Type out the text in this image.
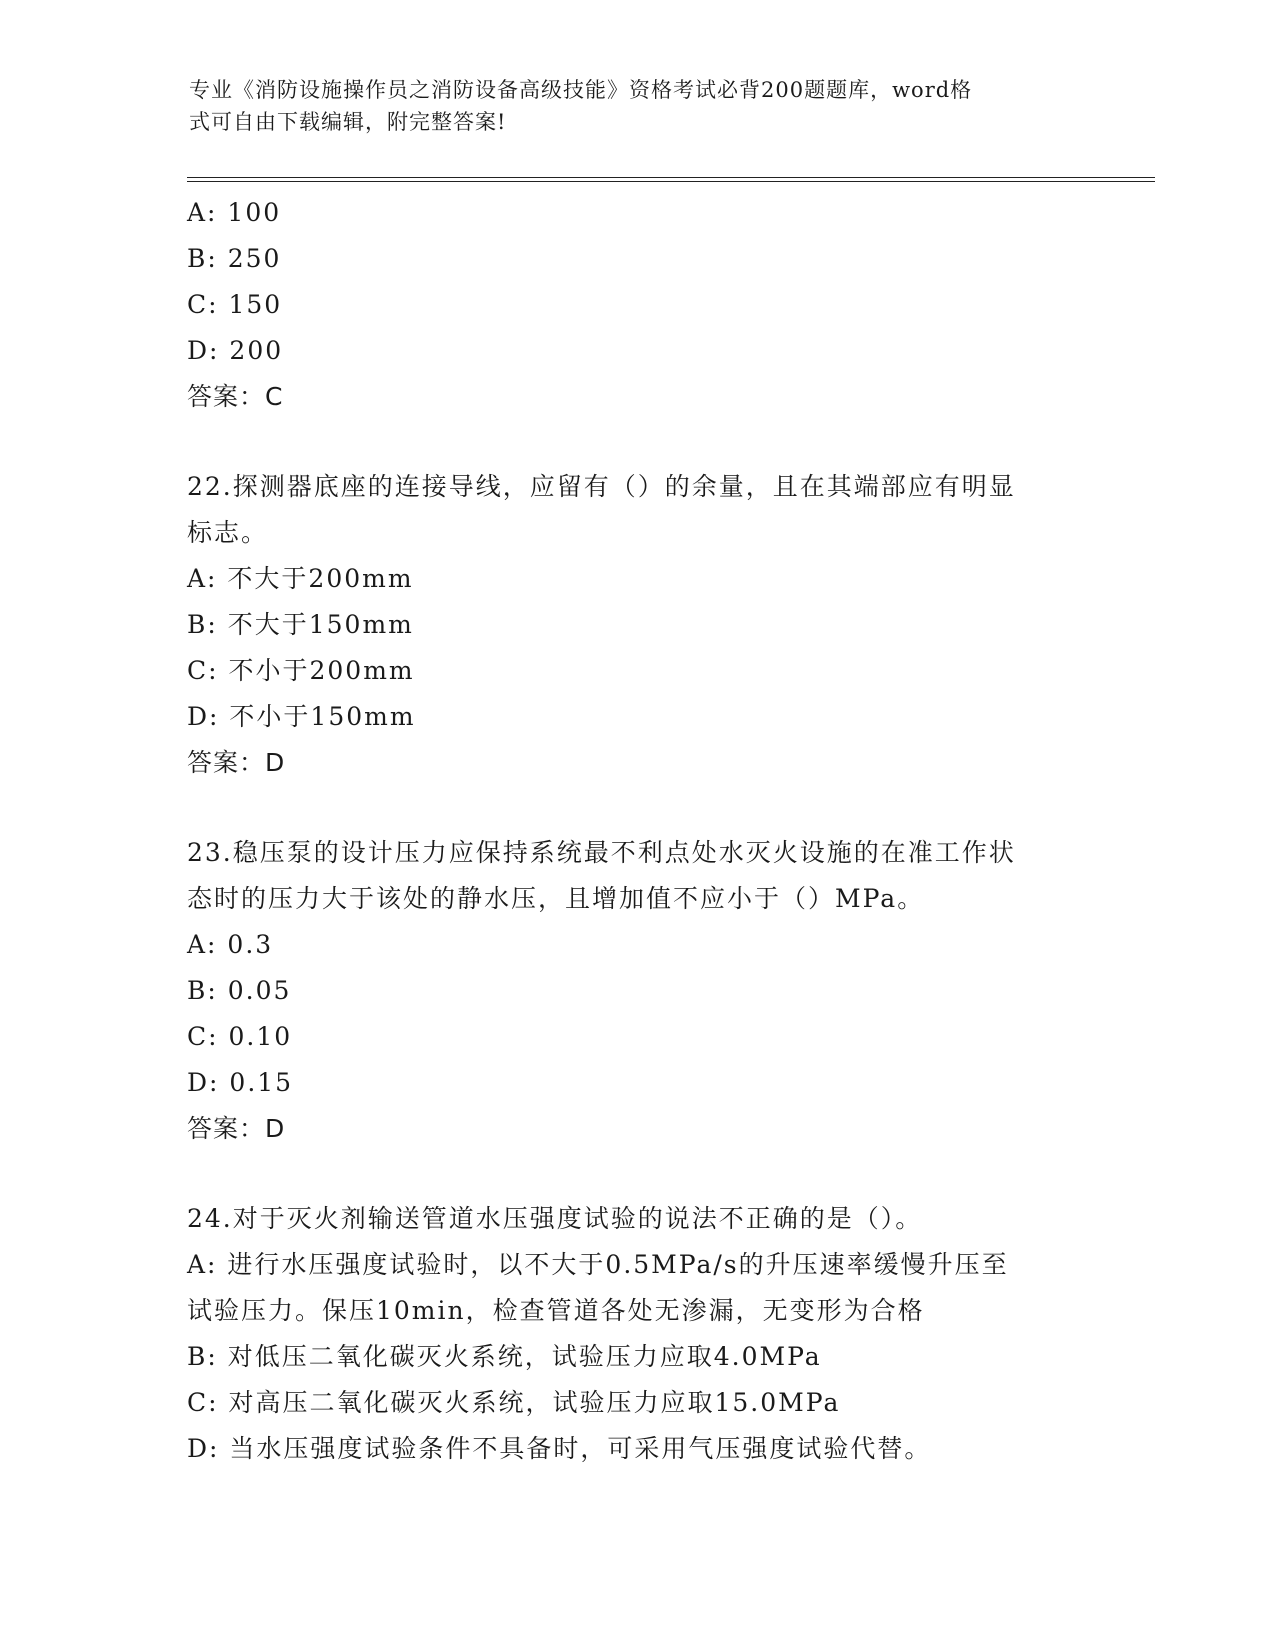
专业《消防设施操作员之消防设备高级技能》资格考试必背200题题库，word格
式可自由下载编辑，附完整答案!
A: 100
B: 250
C: 150
D: 200
答案：C
22.探测器底座的连接导线，应留有（）的余量，且在其端部应有明显
标志。
A: 不大于200mm
B: 不大于150mm
C: 不小于200mm
D: 不小于150mm
答案：D
23.稳压泵的设计压力应保持系统最不利点处水灭火设施的在准工作状
态时的压力大于该处的静水压，且增加值不应小于（）MPa。
A: 0.3
B: 0.05
C: 0.10
D: 0.15
答案：D
24.对于灭火剂输送管道水压强度试验的说法不正确的是（）。
A: 进行水压强度试验时，以不大于0.5MPa/s的升压速率缓慢升压至
试验压力。保压10min，检查管道各处无渗漏，无变形为合格
B: 对低压二氧化碳灭火系统，试验压力应取4.0MPa
C: 对高压二氧化碳灭火系统，试验压力应取15.0MPa
D: 当水压强度试验条件不具备时，可采用气压强度试验代替。
